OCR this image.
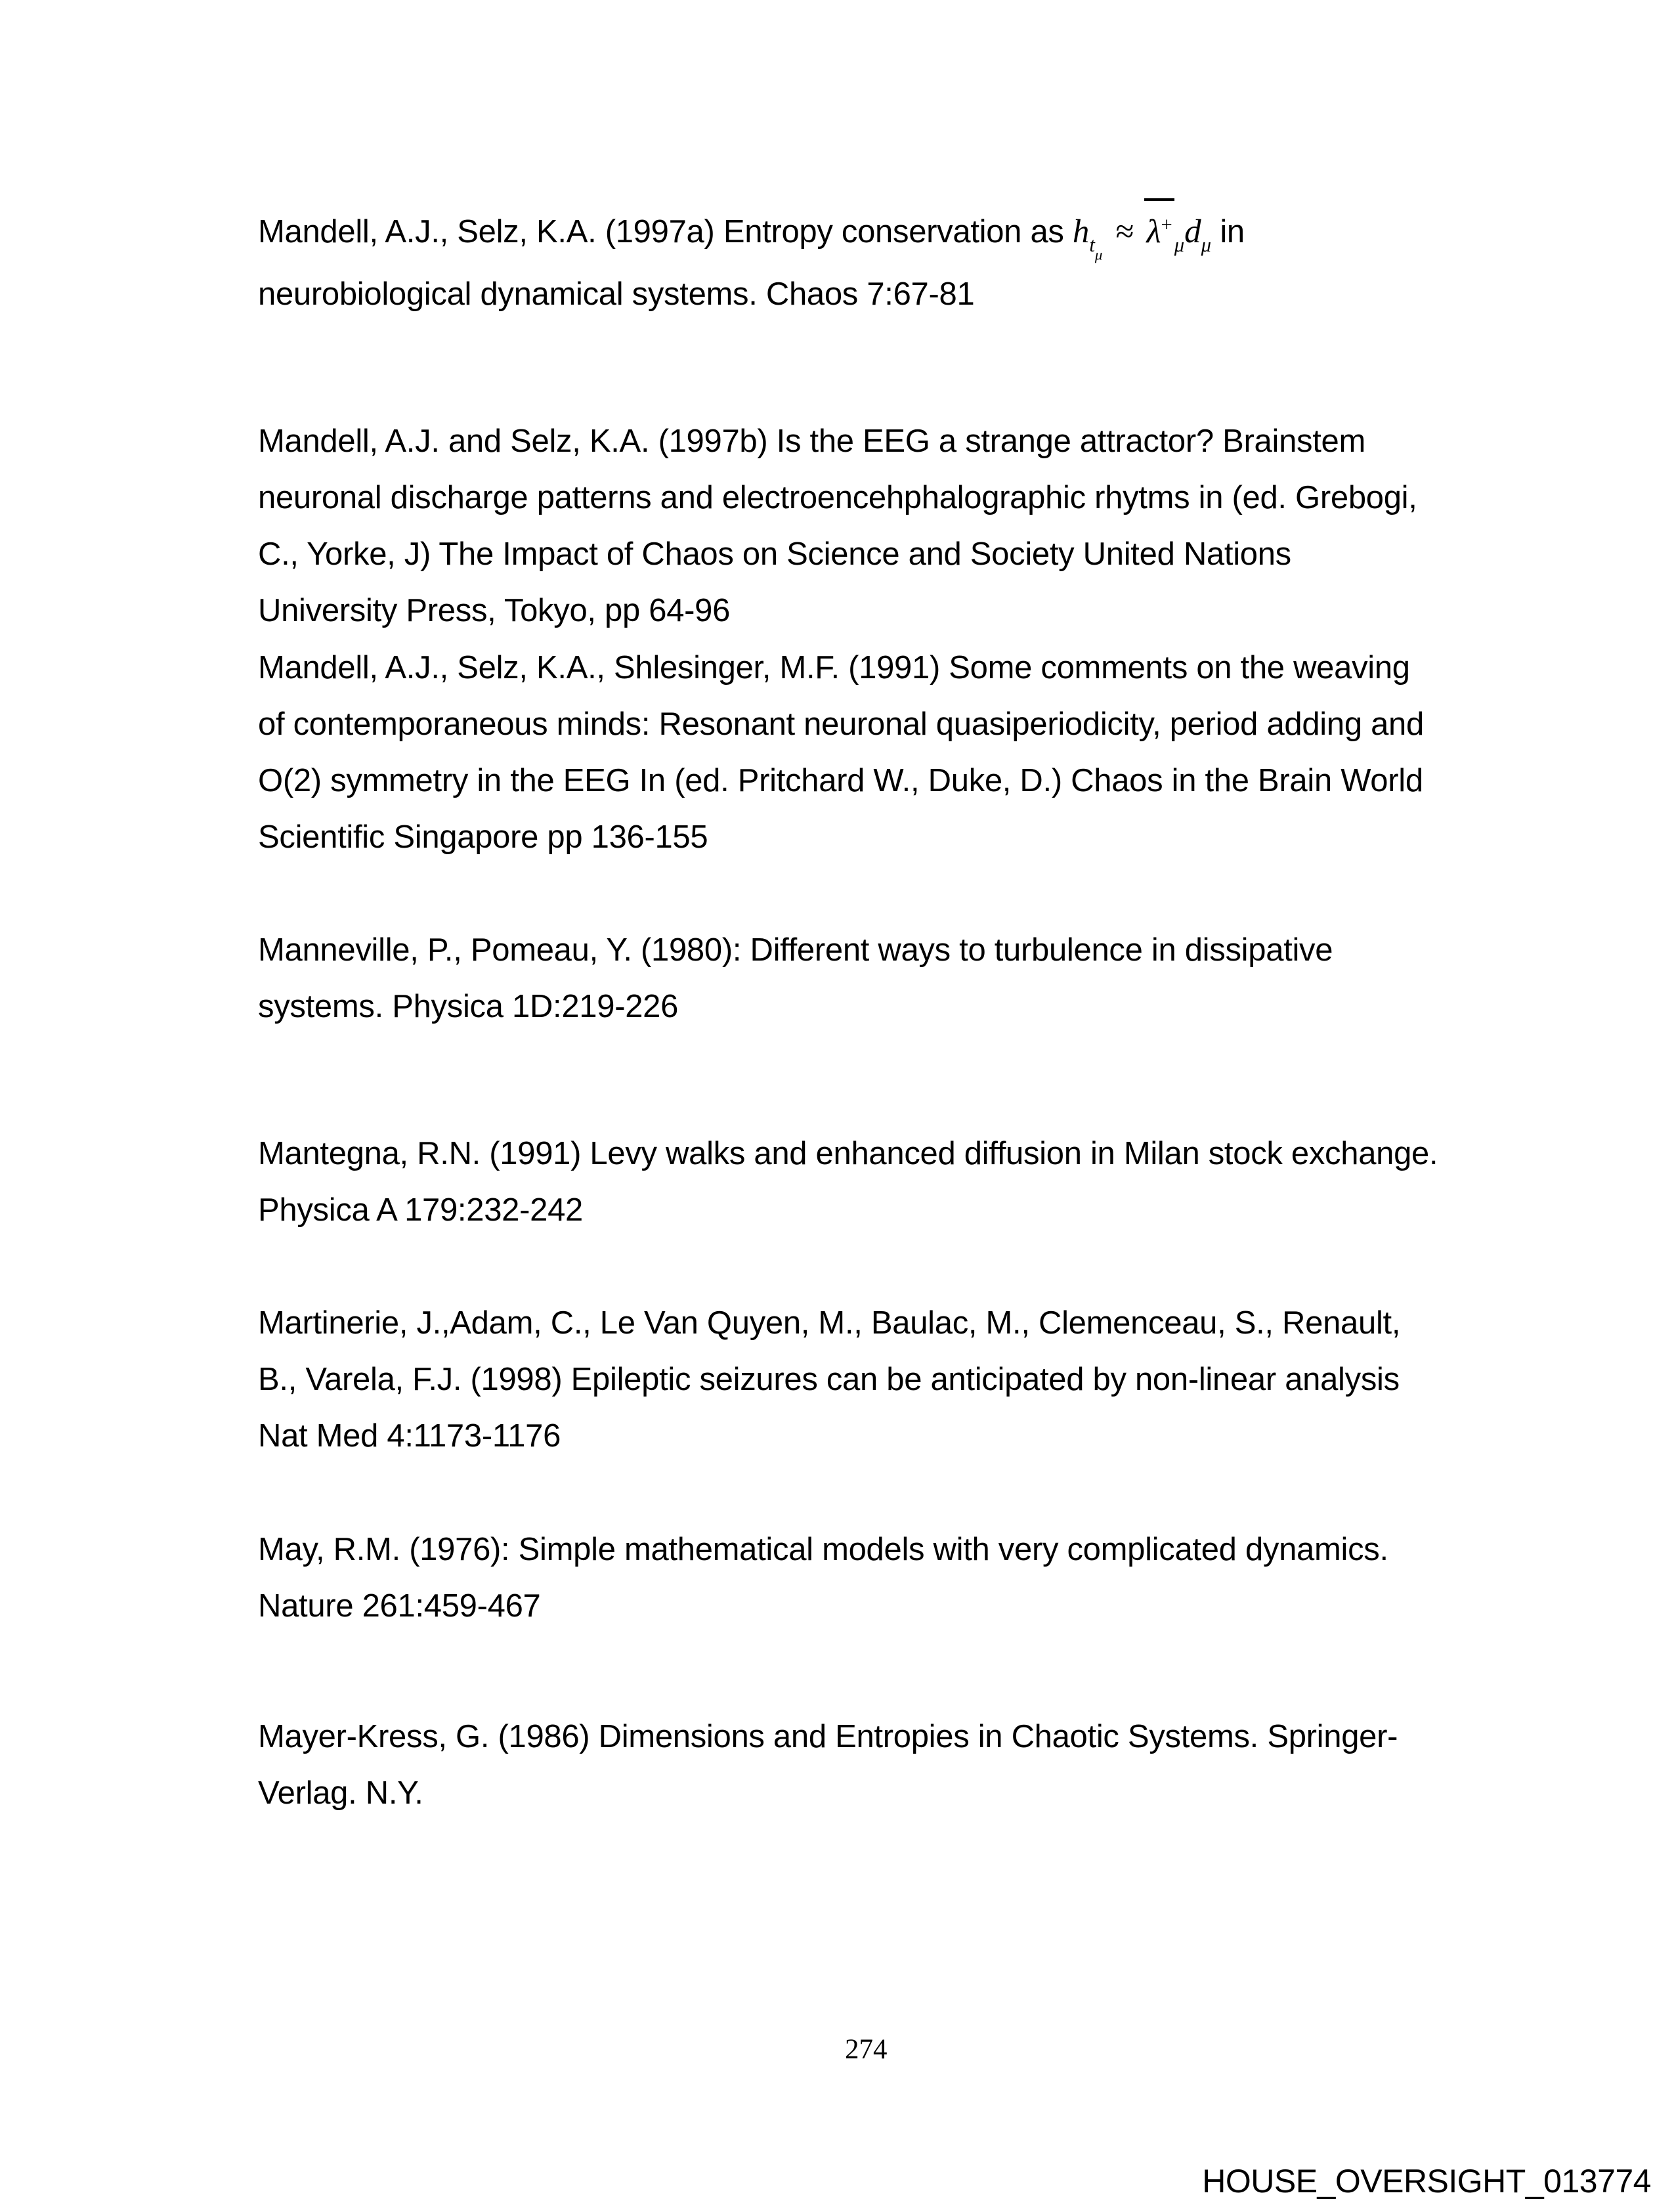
Mandell, A.J., Selz, K.A. (1997a) Entropy conservation as $h_{t_\mu}\approx \lambda^+_\mu d_\mu$ in
neurobiological dynamical systems. Chaos 7:67-81
Mandell, A.J. and Selz, K.A. (1997b) Is the EEG a strange attractor? Brainstem
neuronal discharge patterns and electroencehphalographic rhytms in (ed. Grebogi,
C., Yorke, J) The Impact of Chaos on Science and Society United Nations
University Press, Tokyo, pp 64-96
Mandell, A.J., Selz, K.A., Shlesinger, M.F. (1991) Some comments on the weaving
of contemporaneous minds: Resonant neuronal quasiperiodicity, period adding and
O(2) symmetry in the EEG In (ed. Pritchard W., Duke, D.) Chaos in the Brain World
Scientific Singapore pp 136-155
Manneville, P., Pomeau, Y. (1980): Different ways to turbulence in dissipative
systems. Physica 1D:219-226
Mantegna, R.N. (1991) Levy walks and enhanced diffusion in Milan stock exchange.
Physica A 179:232-242
Martinerie, J.,Adam, C., Le Van Quyen, M., Baulac, M., Clemenceau, S., Renault,
B., Varela, F.J. (1998) Epileptic seizures can be anticipated by non-linear analysis
Nat Med 4:1173-1176
May, R.M. (1976): Simple mathematical models with very complicated dynamics.
Nature 261:459-467
Mayer-Kress, G. (1986) Dimensions and Entropies in Chaotic Systems. Springer-
Verlag. N.Y.
274
HOUSE_OVERSIGHT_013774
